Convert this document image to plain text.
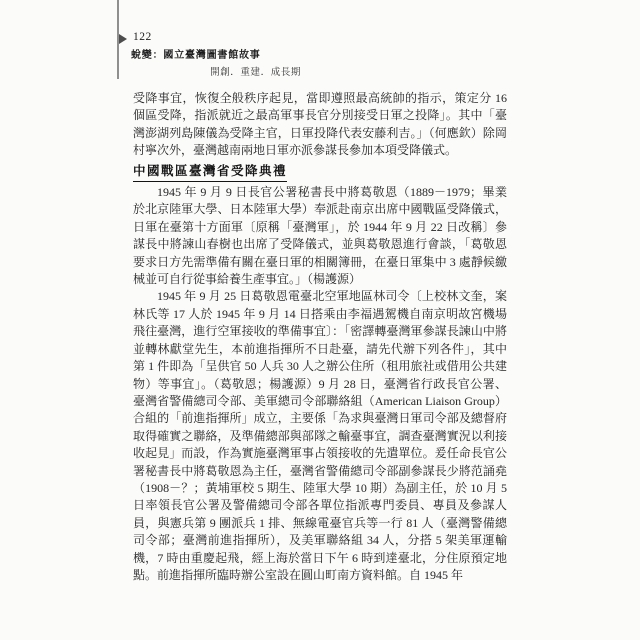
122
蛻變：國立臺灣圖書館故事
開創．重建．成長期

受降事宜，恢復全般秩序起見，當即遵照最高統帥的指示，策定分 16 個區受降，指派就近之最高軍事長官分別接受日軍之投降」。其中「臺灣澎湖列島陳儀為受降主官，日軍投降代表安藤利吉。」（何應欽）除岡村寧次外，臺灣越南兩地日軍亦派參謀長參加本項受降儀式。

中國戰區臺灣省受降典禮

1945 年 9 月 9 日長官公署秘書長中將葛敬恩（1889－1979；畢業於北京陸軍大學、日本陸軍大學）奉派赴南京出席中國戰區受降儀式，日軍在臺第十方面軍〔原稱「臺灣軍」，於 1944 年 9 月 22 日改稱〕參謀長中將諫山春樹也出席了受降儀式，並與葛敬恩進行會談，「葛敬恩要求日方先需準備有關在臺日軍的相關簿冊，在臺日軍集中 3 處靜候繳械並可自行從事給養生產事宜。」（楊護源）

1945 年 9 月 25 日葛敬恩電臺北空軍地區林司令〔上校林文奎，案林氏等 17 人於 1945 年 9 月 14 日搭乘由李福遇駕機自南京明故宮機場飛往臺灣，進行空軍接收的準備事宜〕：「密譯轉臺灣軍參謀長諫山中將並轉林獻堂先生，本前進指揮所不日赴臺，請先代辦下列各件」，其中第 1 件即為「呈供官 50 人兵 30 人之辦公住所（租用旅社或借用公共建物）等事宜」。（葛敬恩；楊護源）9 月 28 日，臺灣省行政長官公署、臺灣省警備總司令部、美軍總司令部聯絡組（American Liaison Group）合組的「前進指揮所」成立，主要係「為求與臺灣日軍司令部及總督府取得確實之聯絡，及準備總部與部隊之輸臺事宜，調查臺灣實況以利接收起見」而設，作為實施臺灣軍事占領接收的先遣單位。爰任命長官公署秘書長中將葛敬恩為主任，臺灣省警備總司令部副參謀長少將范誦堯（1908－？；黃埔軍校 5 期生、陸軍大學 10 期）為副主任，於 10 月 5 日率領長官公署及警備總司令部各單位指派專門委員、專員及參謀人員，與憲兵第 9 團派兵 1 排、無線電臺官兵等一行 81 人（臺灣警備總司令部；臺灣前進指揮所），及美軍聯絡組 34 人，分搭 5 架美軍運輸機，7 時由重慶起飛，經上海於當日下午 6 時到達臺北，分住原預定地點。前進指揮所臨時辦公室設在圓山町南方資料館。自 1945 年
